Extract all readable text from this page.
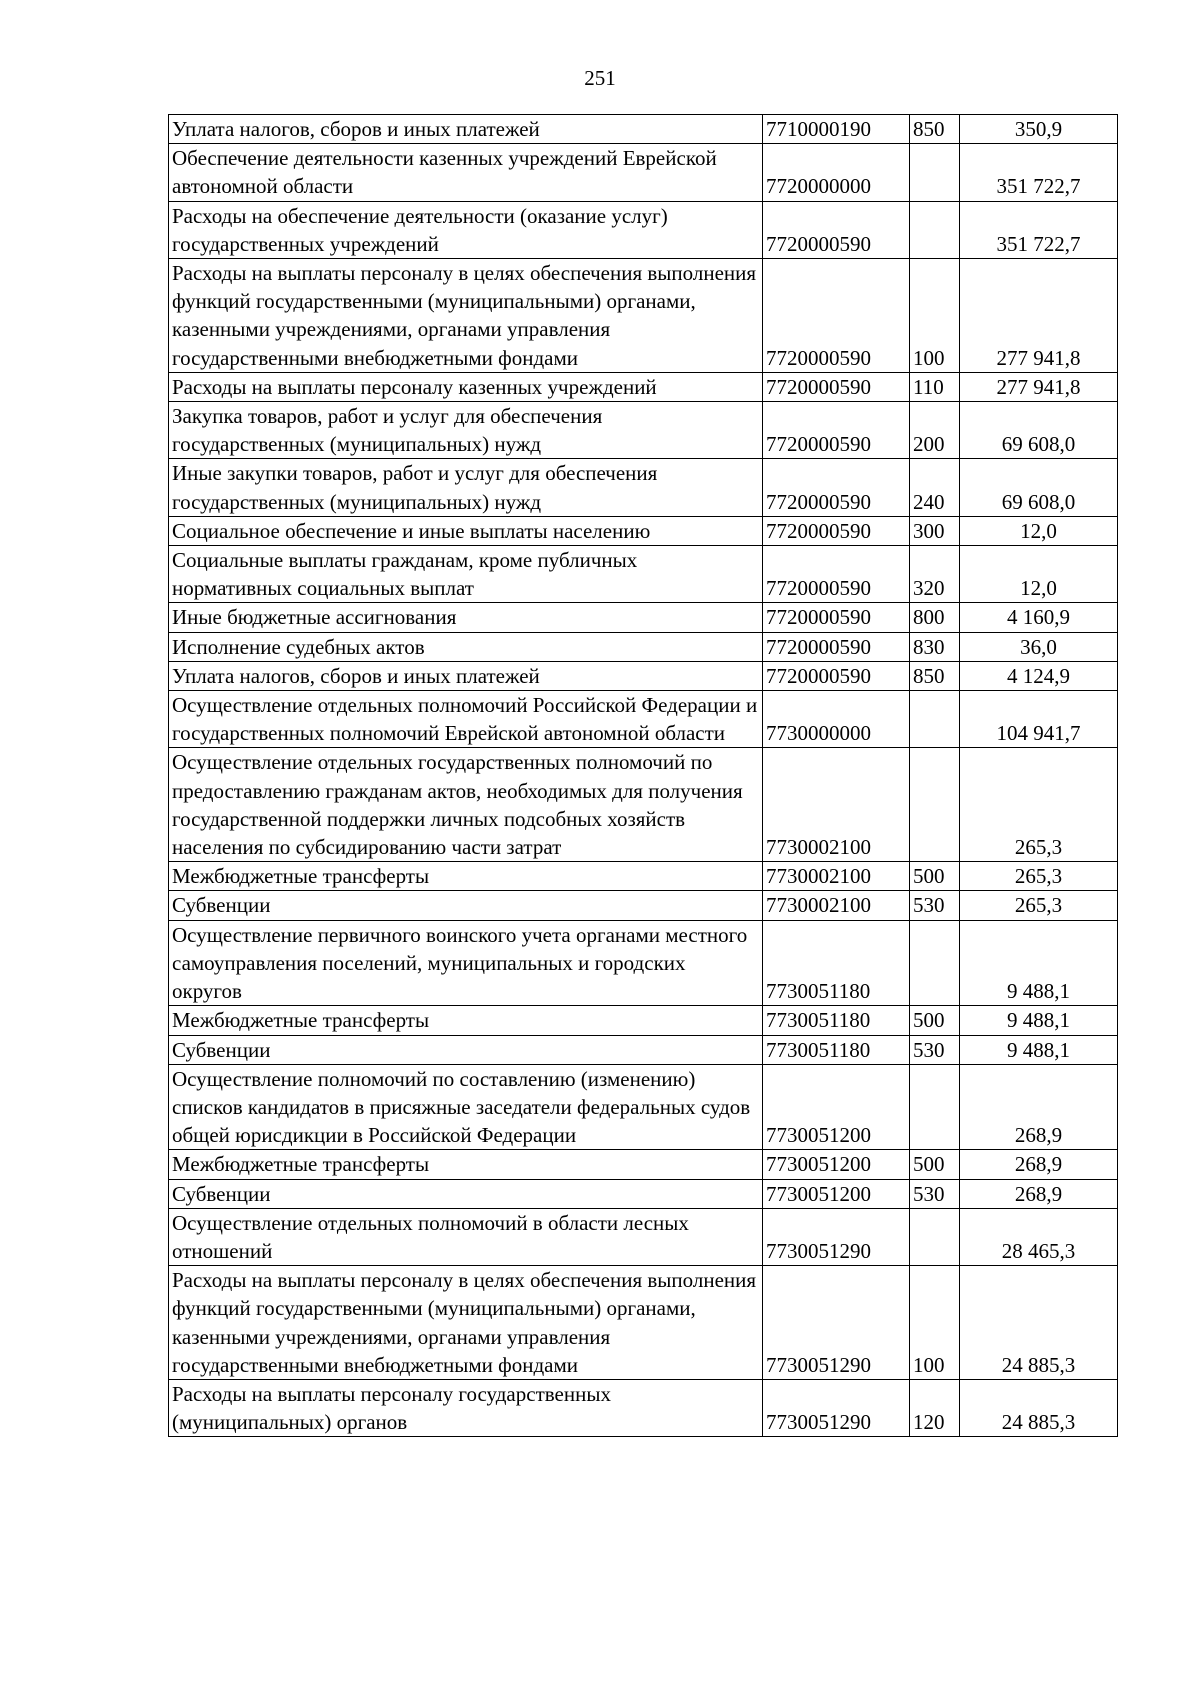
251
Уплата налогов, сборов и иных платежей	7710000190	850	350,9
Обеспечение деятельности казенных учреждений Еврейской автономной области	7720000000		351 722,7
Расходы на обеспечение деятельности (оказание услуг) государственных учреждений	7720000590		351 722,7
Расходы на выплаты персоналу в целях обеспечения выполнения функций государственными (муниципальными) органами, казенными учреждениями, органами управления государственными внебюджетными фондами	7720000590	100	277 941,8
Расходы на выплаты персоналу казенных учреждений	7720000590	110	277 941,8
Закупка товаров, работ и услуг для обеспечения государственных (муниципальных) нужд	7720000590	200	69 608,0
Иные закупки товаров, работ и услуг для обеспечения государственных (муниципальных) нужд	7720000590	240	69 608,0
Социальное обеспечение и иные выплаты населению	7720000590	300	12,0
Социальные выплаты гражданам, кроме публичных нормативных социальных выплат	7720000590	320	12,0
Иные бюджетные ассигнования	7720000590	800	4 160,9
Исполнение судебных актов	7720000590	830	36,0
Уплата налогов, сборов и иных платежей	7720000590	850	4 124,9
Осуществление отдельных полномочий Российской Федерации и государственных полномочий Еврейской автономной области	7730000000		104 941,7
Осуществление отдельных государственных полномочий по предоставлению гражданам актов, необходимых для получения государственной поддержки личных подсобных хозяйств населения по субсидированию части затрат	7730002100		265,3
Межбюджетные трансферты	7730002100	500	265,3
Субвенции	7730002100	530	265,3
Осуществление первичного воинского учета органами местного самоуправления поселений, муниципальных и городских округов	7730051180		9 488,1
Межбюджетные трансферты	7730051180	500	9 488,1
Субвенции	7730051180	530	9 488,1
Осуществление полномочий по составлению (изменению) списков кандидатов в присяжные заседатели федеральных судов общей юрисдикции в Российской Федерации	7730051200		268,9
Межбюджетные трансферты	7730051200	500	268,9
Субвенции	7730051200	530	268,9
Осуществление отдельных полномочий в области лесных отношений	7730051290		28 465,3
Расходы на выплаты персоналу в целях обеспечения выполнения функций государственными (муниципальными) органами, казенными учреждениями, органами управления государственными внебюджетными фондами	7730051290	100	24 885,3
Расходы на выплаты персоналу государственных (муниципальных) органов	7730051290	120	24 885,3
